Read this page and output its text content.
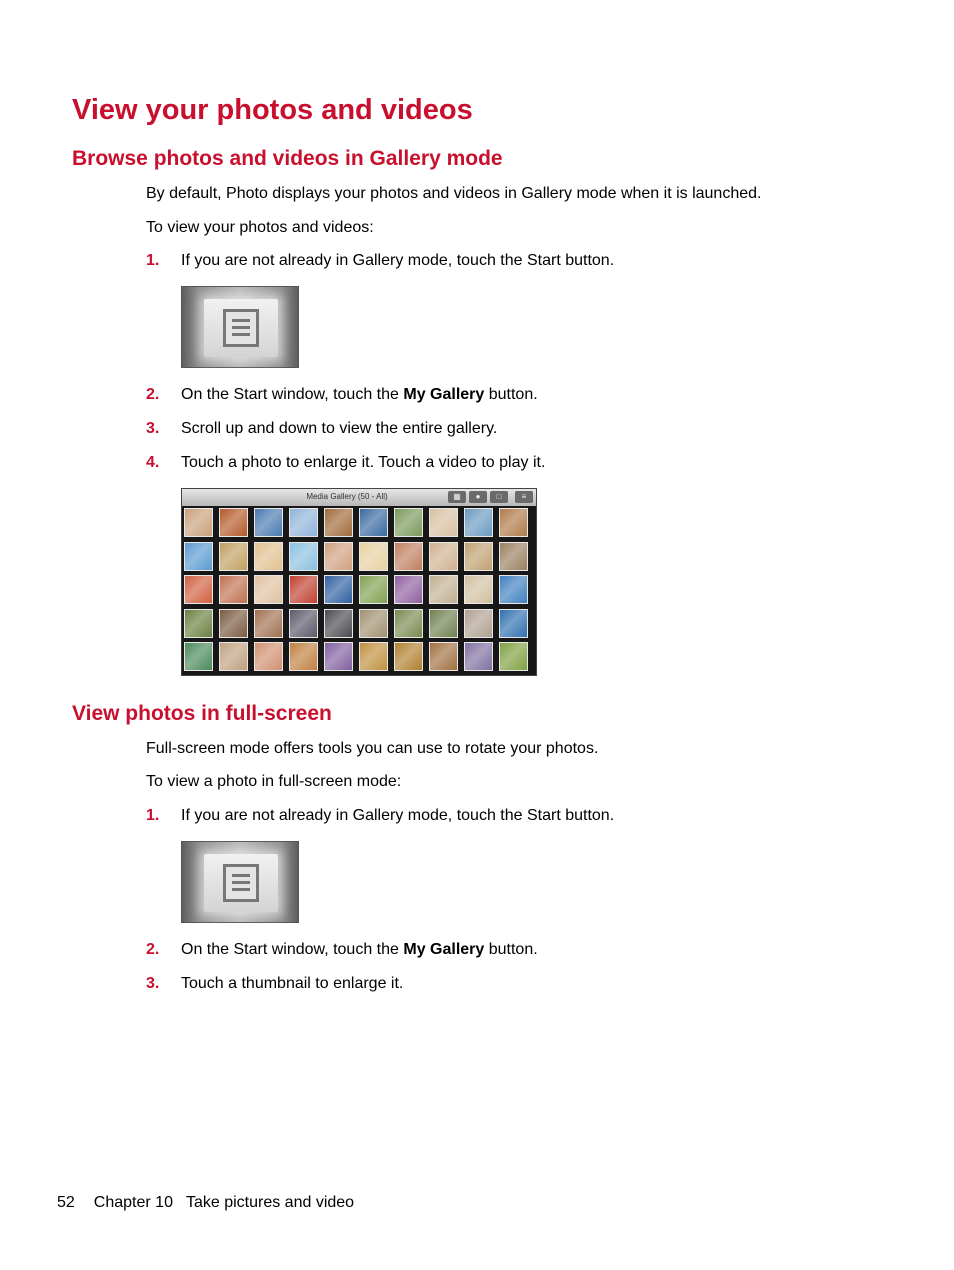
View your photos and videos
Browse photos and videos in Gallery mode

By default, Photo displays your photos and videos in Gallery mode when it is launched.

To view your photos and videos:

1. If you are not already in Gallery mode, touch the Start button.
2. On the Start window, touch the My Gallery button.
3. Scroll up and down to view the entire gallery.
4. Touch a photo to enlarge it. Touch a video to play it.
Media Gallery (50 - All)	▦	●	□	≡
View photos in full-screen

Full-screen mode offers tools you can use to rotate your photos.

To view a photo in full-screen mode:

1. If you are not already in Gallery mode, touch the Start button.
2. On the Start window, touch the My Gallery button.
3. Touch a thumbnail to enlarge it.
52 Chapter 10 Take pictures and video
